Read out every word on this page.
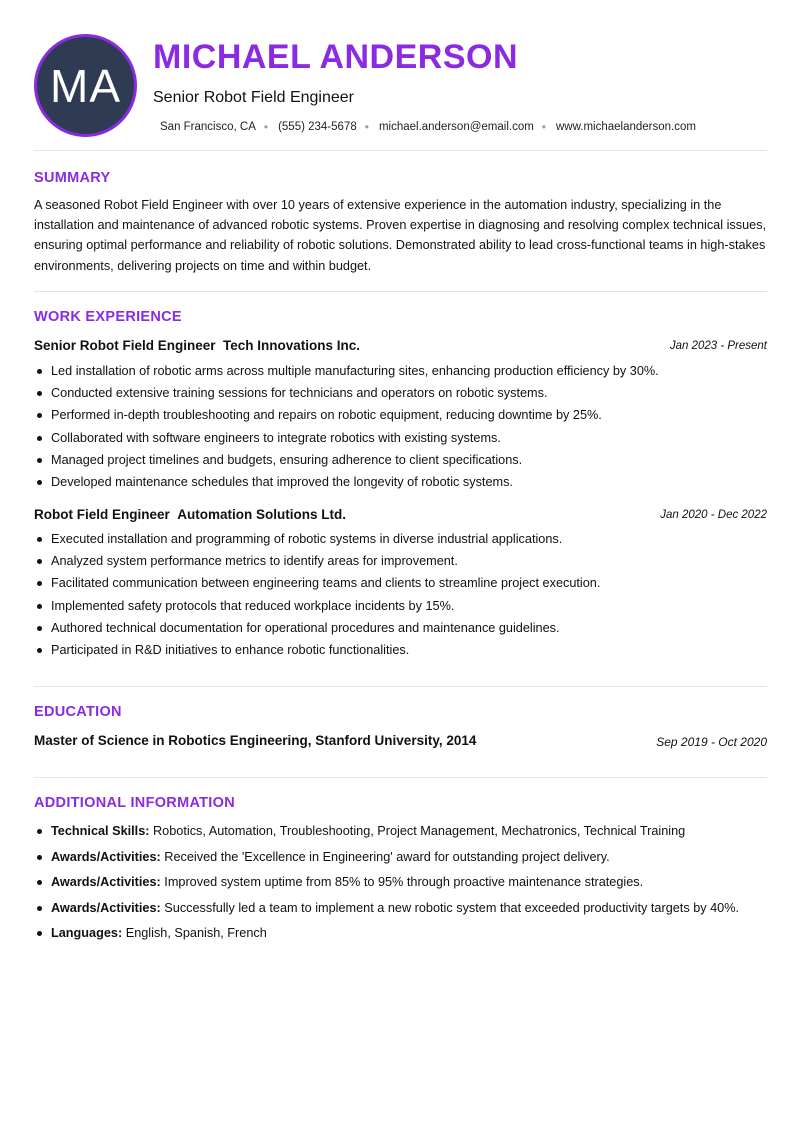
MA
MICHAEL ANDERSON
Senior Robot Field Engineer
San Francisco, CA • (555) 234-5678 • michael.anderson@email.com • www.michaelanderson.com
SUMMARY
A seasoned Robot Field Engineer with over 10 years of extensive experience in the automation industry, specializing in the installation and maintenance of advanced robotic systems. Proven expertise in diagnosing and resolving complex technical issues, ensuring optimal performance and reliability of robotic solutions. Demonstrated ability to lead cross-functional teams in high-stakes environments, delivering projects on time and within budget.
WORK EXPERIENCE
Senior Robot Field Engineer Tech Innovations Inc.	Jan 2023 - Present
Led installation of robotic arms across multiple manufacturing sites, enhancing production efficiency by 30%.
Conducted extensive training sessions for technicians and operators on robotic systems.
Performed in-depth troubleshooting and repairs on robotic equipment, reducing downtime by 25%.
Collaborated with software engineers to integrate robotics with existing systems.
Managed project timelines and budgets, ensuring adherence to client specifications.
Developed maintenance schedules that improved the longevity of robotic systems.
Robot Field Engineer Automation Solutions Ltd.	Jan 2020 - Dec 2022
Executed installation and programming of robotic systems in diverse industrial applications.
Analyzed system performance metrics to identify areas for improvement.
Facilitated communication between engineering teams and clients to streamline project execution.
Implemented safety protocols that reduced workplace incidents by 15%.
Authored technical documentation for operational procedures and maintenance guidelines.
Participated in R&D initiatives to enhance robotic functionalities.
EDUCATION
Master of Science in Robotics Engineering, Stanford University, 2014	Sep 2019 - Oct 2020
ADDITIONAL INFORMATION
Technical Skills: Robotics, Automation, Troubleshooting, Project Management, Mechatronics, Technical Training
Awards/Activities: Received the 'Excellence in Engineering' award for outstanding project delivery.
Awards/Activities: Improved system uptime from 85% to 95% through proactive maintenance strategies.
Awards/Activities: Successfully led a team to implement a new robotic system that exceeded productivity targets by 40%.
Languages: English, Spanish, French
